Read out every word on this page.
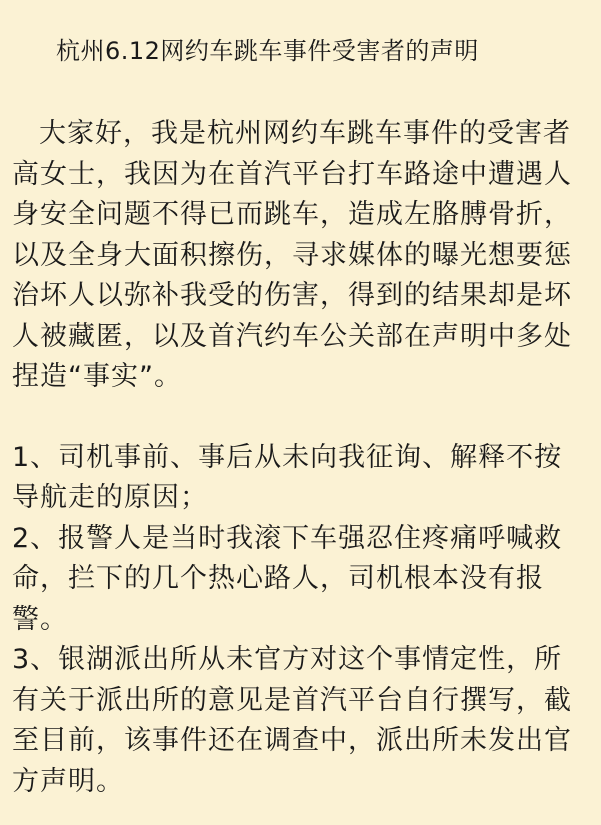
杭州6.12网约车跳车事件受害者的声明

大家好，我是杭州网约车跳车事件的受害者高女士，我因为在首汽平台打车路途中遭遇人身安全问题不得已而跳车，造成左胳膊骨折，以及全身大面积擦伤，寻求媒体的曝光想要惩治坏人以弥补我受的伤害，得到的结果却是坏人被藏匿，以及首汽约车公关部在声明中多处捏造“事实”。

1、司机事前、事后从未向我征询、解释不按导航走的原因；

2、报警人是当时我滚下车强忍住疼痛呼喊救命，拦下的几个热心路人，司机根本没有报警。

3、银湖派出所从未官方对这个事情定性，所有关于派出所的意见是首汽平台自行撰写，截至目前，该事件还在调查中，派出所未发出官方声明。
